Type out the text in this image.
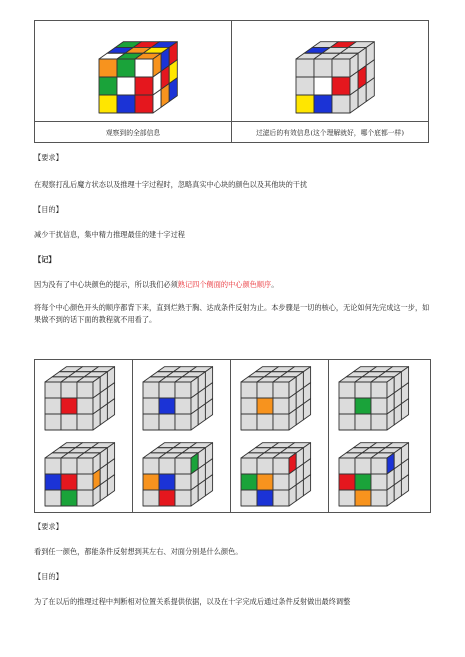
观察到的全部信息	过滤后的有效信息(这个理解就好，哪个底都一样)
【要求】
在观察打乱后魔方状态以及推理十字过程时，忽略真实中心块的颜色以及其他块的干扰
【目的】
减少干扰信息，集中精力推理最佳的建十字过程
【记】
因为没有了中心块颜色的提示，所以我们必须熟记四个侧面的中心颜色顺序。
将每个中心颜色开头的顺序都背下来，直到烂熟于胸、达成条件反射为止。本步骤是一切的核心，无论如何先完成这一步，如果做不到的话下面的教程就不用看了。
【要求】
看到任一颜色，都能条件反射想到其左右、对面分别是什么颜色。
【目的】
为了在以后的推理过程中判断相对位置关系提供依据，以及在十字完成后通过条件反射做出最终调整
